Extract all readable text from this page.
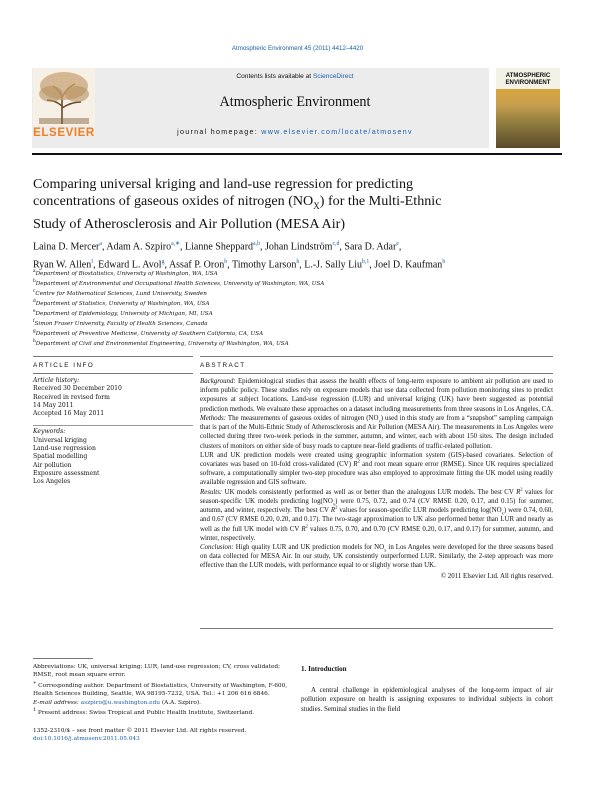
Atmospheric Environment 45 (2011) 4412–4420
ELSEVIER
Contents lists available at ScienceDirect
Atmospheric Environment
journal homepage: www.elsevier.com/locate/atmosenv
ATMOSPHERIC
ENVIRONMENT
Comparing universal kriging and land-use regression for predicting
concentrations of gaseous oxides of nitrogen $(NO_X)$ for the Multi-Ethnic
Study of Atherosclerosis and Air Pollution (MESA Air)
Laina D. Mercer$^a$, Adam A. Szpiro$^{a,∗}$, Lianne Sheppard$^{a,b}$, Johan Lindström$^{c,d}$, Sara D. Adar$^e$,
Ryan W. Allen$^f$, Edward L. Avol$^g$, Assaf P. Oron$^b$, Timothy Larson$^h$, L.-J. Sally Liu$^{b,1}$, Joel D. Kaufman$^b$
$^a$Department of Biostatistics, University of Washington, WA, USA
$^b$Department of Environmental and Occupational Health Sciences, University of Washington, WA, USA
$^c$Centre for Mathematical Sciences, Lund University, Sweden
$^d$Department of Statistics, University of Washington, WA, USA
$^e$Department of Epidemiology, University of Michigan, MI, USA
$^f$Simon Fraser University, Faculty of Health Sciences, Canada
$^g$Department of Preventive Medicine, University of Southern California, CA, USA
$^h$Department of Civil and Environmental Engineering, University of Washington, WA, USA
ARTICLE INFO	ABSTRACT
Article history:
Received 30 December 2010
Received in revised form
14 May 2011
Accepted 16 May 2011
Keywords:
Universal kriging
Land-use regression
Spatial modelling
Air pollution
Exposure assessment
Los Angeles

Background: Epidemiological studies that assess the health effects of long-term exposure to ambient air pollution are used to inform public policy. These studies rely on exposure models that use data collected from pollution monitoring sites to predict exposures at subject locations. Land-use regression (LUR) and universal kriging (UK) have been suggested as potential prediction methods. We evaluate these approaches on a dataset including measurements from three seasons in Los Angeles, CA.

Methods: The measurements of gaseous oxides of nitrogen $(NO_x)$ used in this study are from a “snapshot” sampling campaign that is part of the Multi-Ethnic Study of Atherosclerosis and Air Pollution (MESA Air). The measurements in Los Angeles were collected during three two-week periods in the summer, autumn, and winter, each with about 150 sites. The design included clusters of monitors on either side of busy roads to capture near-field gradients of traffic-related pollution.

LUR and UK prediction models were created using geographic information system (GIS)-based covariates. Selection of covariates was based on 10-fold cross-validated (CV) $R^2$ and root mean square error (RMSE). Since UK requires specialized software, a computationally simpler two-step procedure was also employed to approximate fitting the UK model using readily available regression and GIS software.

Results: UK models consistently performed as well as or better than the analogous LUR models. The best CV $R^2$ values for season-specific UK models predicting $\log(NO_x)$ were 0.75, 0.72, and 0.74 (CV RMSE 0.20, 0.17, and 0.15) for summer, autumn, and winter, respectively. The best CV $R^2$ values for season-specific LUR models predicting $\log(NO_x)$ were 0.74, 0.60, and 0.67 (CV RMSE 0.20, 0.20, and 0.17). The two-stage approximation to UK also performed better than LUR and nearly as well as the full UK model with CV $R^2$ values 0.75, 0.70, and 0.70 (CV RMSE 0.20, 0.17, and 0.17) for summer, autumn, and winter, respectively.

Conclusion: High quality LUR and UK prediction models for $NO_x$ in Los Angeles were developed for the three seasons based on data collected for MESA Air. In our study, UK consistently outperformed LUR. Similarly, the 2-step approach was more effective than the LUR models, with performance equal to or slightly worse than UK.

© 2011 Elsevier Ltd. All rights reserved.

Abbreviations: UK, universal kriging; LUR, land-use regression; CV, cross validated; RMSE, root mean square error.
∗ Corresponding author. Department of Biostatistics, University of Washington, F-600, Health Sciences Building, Seattle, WA 98195-7232, USA. Tel.: +1 206 616 6846.
E-mail address: aszpiro@u.washington.edu (A.A. Szpiro).
$^1$ Present address: Swiss Tropical and Public Health Institute, Switzerland.
1352-2310/$ – see front matter © 2011 Elsevier Ltd. All rights reserved.
doi:10.1016/j.atmosenv.2011.05.043
1. Introduction
A central challenge in epidemiological analyses of the long-term impact of air pollution exposure on health is assigning exposures to individual subjects in cohort studies. Seminal studies in the field
